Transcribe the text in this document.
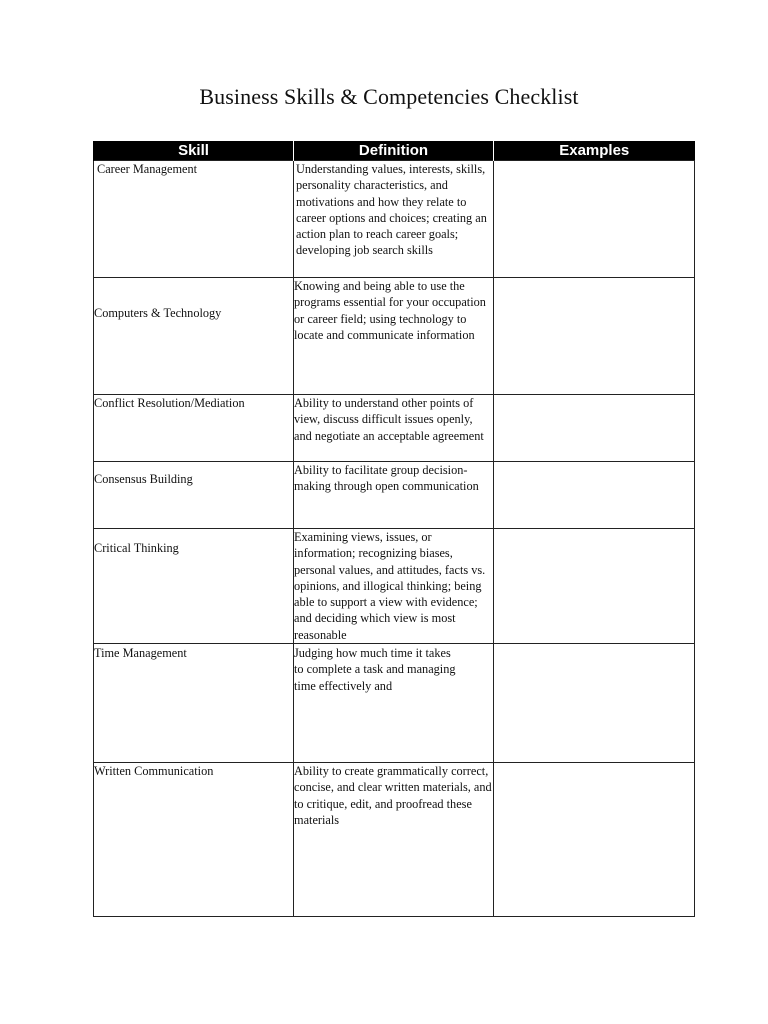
Business Skills & Competencies Checklist
Skill	Definition	Examples

Career Management	Understanding values, interests, skills, personality characteristics, and motivations and how they relate to career options and choices; creating an action plan to reach career goals; developing job search skills	

Computers & Technology	Knowing and being able to use the programs essential for your occupation or career field; using technology to locate and communicate information	

Conflict Resolution/Mediation	Ability to understand other points of view, discuss difficult issues openly, and negotiate an acceptable agreement	

Consensus Building	Ability to facilitate group decision-making through open communication	

Critical Thinking	Examining views, issues, or information; recognizing biases, personal values, and attitudes, facts vs. opinions, and illogical thinking; being able to support a view with evidence; and deciding which view is most reasonable	

Time Management	Judging how much time it takes
to complete a task and managing
time effectively and	

Written Communication	Ability to create grammatically correct, concise, and clear written materials, and to critique, edit, and proofread these materials	
